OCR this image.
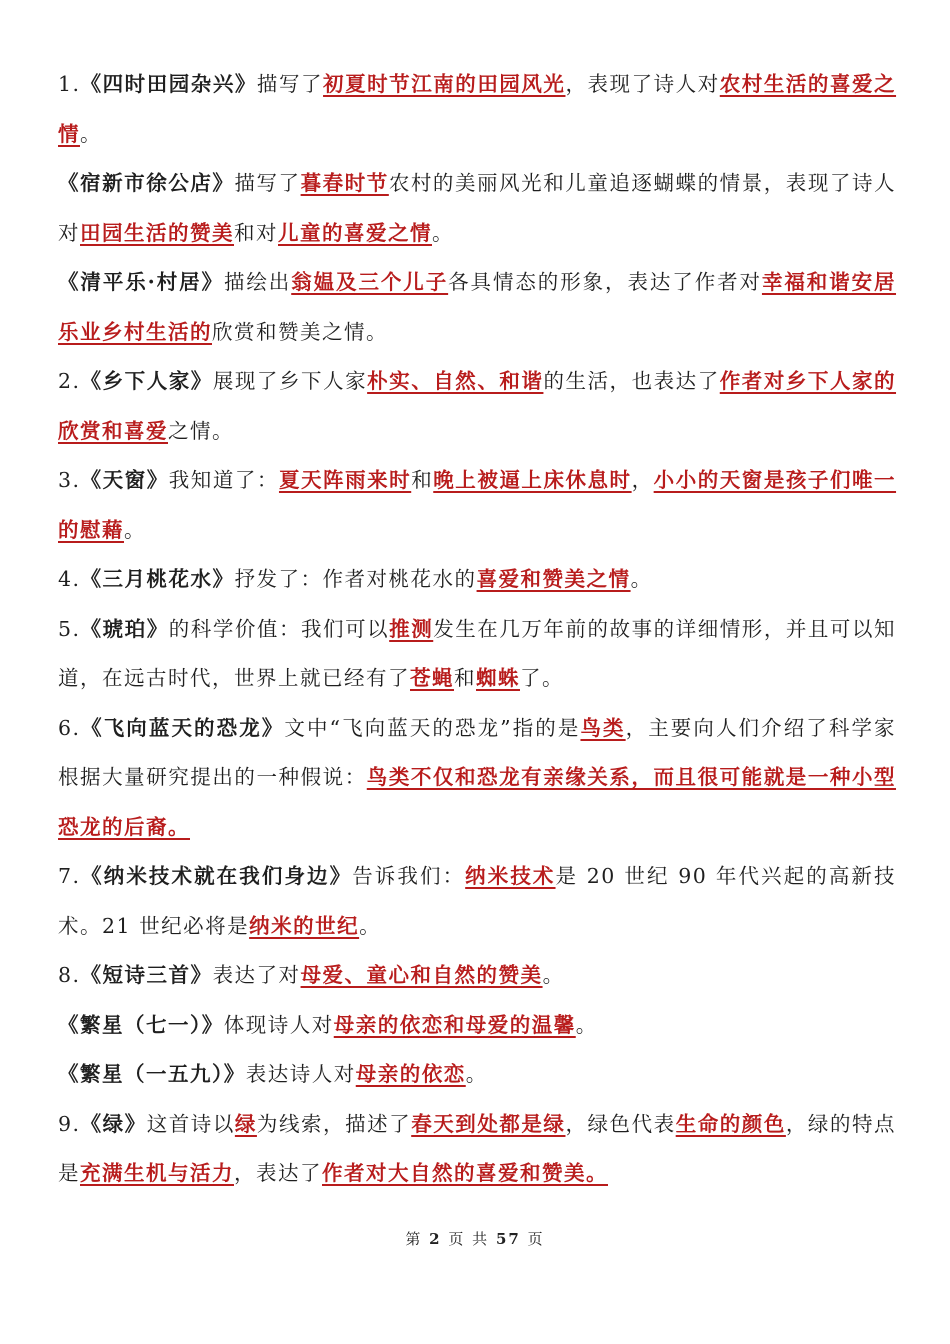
1.《四时田园杂兴》描写了初夏时节江南的田园风光，表现了诗人对农村生活的喜爱之情。

《宿新市徐公店》描写了暮春时节农村的美丽风光和儿童追逐蝴蝶的情景，表现了诗人对田园生活的赞美和对儿童的喜爱之情。

《清平乐·村居》描绘出翁媪及三个儿子各具情态的形象，表达了作者对幸福和谐安居乐业乡村生活的欣赏和赞美之情。

2.《乡下人家》展现了乡下人家朴实、自然、和谐的生活，也表达了作者对乡下人家的欣赏和喜爱之情。

3.《天窗》我知道了：夏天阵雨来时和晚上被逼上床休息时，小小的天窗是孩子们唯一的慰藉。

4.《三月桃花水》抒发了：作者对桃花水的喜爱和赞美之情。

5.《琥珀》的科学价值：我们可以推测发生在几万年前的故事的详细情形，并且可以知道，在远古时代，世界上就已经有了苍蝇和蜘蛛了。

6.《飞向蓝天的恐龙》文中“飞向蓝天的恐龙”指的是鸟类，主要向人们介绍了科学家根据大量研究提出的一种假说：鸟类不仅和恐龙有亲缘关系，而且很可能就是一种小型恐龙的后裔。

7.《纳米技术就在我们身边》告诉我们：纳米技术是 20 世纪 90 年代兴起的高新技术。21 世纪必将是纳米的世纪。

8.《短诗三首》表达了对母爱、童心和自然的赞美。

《繁星（七一）》体现诗人对母亲的依恋和母爱的温馨。

《繁星（一五九）》表达诗人对母亲的依恋。

9.《绿》这首诗以绿为线索，描述了春天到处都是绿，绿色代表生命的颜色，绿的特点是充满生机与活力，表达了作者对大自然的喜爱和赞美。

第 2 页 共 57 页
